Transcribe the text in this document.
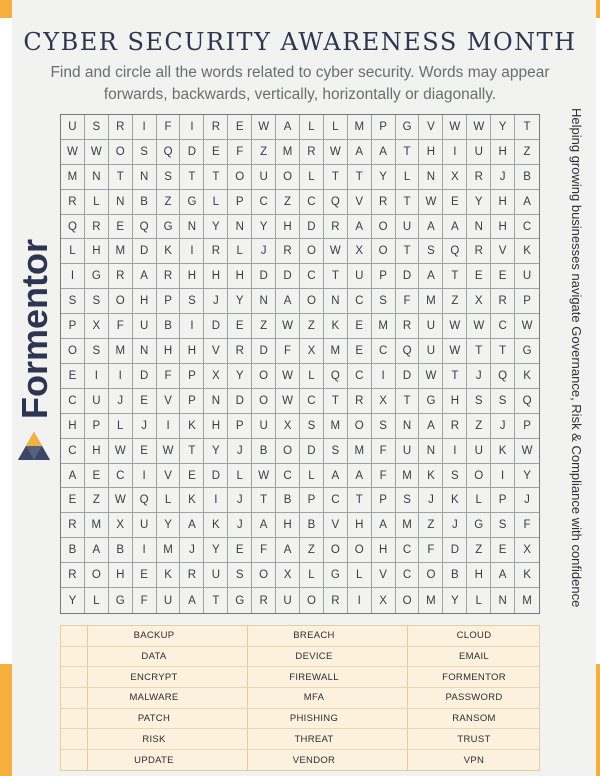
CYBER SECURITY AWARENESS MONTH
Find and circle all the words related to cyber security. Words may appear forwards, backwards, vertically, horizontally or diagonally.
Formentor	Helping growing businesses navigate Governance, Risk & Compliance with confidence
U	S	R	I	F	I	R	E	W	A	L	L	M	P	G	V	W	W	Y	T
W	W	O	S	Q	D	E	F	Z	M	R	W	A	A	T	H	I	U	H	Z
M	N	T	N	S	T	T	O	U	O	L	T	T	Y	L	N	X	R	J	B
R	L	N	B	Z	G	L	P	C	Z	C	Q	V	R	T	W	E	Y	H	A
Q	R	E	Q	G	N	Y	N	Y	H	D	R	A	O	U	A	A	N	H	C
L	H	M	D	K	I	R	L	J	R	O	W	X	O	T	S	Q	R	V	K
I	G	R	A	R	H	H	H	D	D	C	T	U	P	D	A	T	E	E	U
S	S	O	H	P	S	J	Y	N	A	O	N	C	S	F	M	Z	X	R	P
P	X	F	U	B	I	D	E	Z	W	Z	K	E	M	R	U	W	W	C	W
O	S	M	N	H	H	V	R	D	F	X	M	E	C	Q	U	W	T	T	G
E	I	I	D	F	P	X	Y	O	W	L	Q	C	I	D	W	T	J	Q	K
C	U	J	E	V	P	N	D	O	W	C	T	R	X	T	G	H	S	S	Q
H	P	L	J	I	K	H	P	U	X	S	M	O	S	N	A	R	Z	J	P
C	H	W	E	W	T	Y	J	B	O	D	S	M	F	U	N	I	U	K	W
A	E	C	I	V	E	D	L	W	C	L	A	A	F	M	K	S	O	I	Y
E	Z	W	Q	L	K	I	J	T	B	P	C	T	P	S	J	K	L	P	J
R	M	X	U	Y	A	K	J	A	H	B	V	H	A	M	Z	J	G	S	F
B	A	B	I	M	J	Y	E	F	A	Z	O	O	H	C	F	D	Z	E	X
R	O	H	E	K	R	U	S	O	X	L	G	L	V	C	O	B	H	A	K
Y	L	G	F	U	A	T	G	R	U	O	R	I	X	O	M	Y	L	N	M
BACKUP	BREACH	CLOUD
DATA	DEVICE	EMAIL
ENCRYPT	FIREWALL	FORMENTOR
MALWARE	MFA	PASSWORD
PATCH	PHISHING	RANSOM
RISK	THREAT	TRUST
UPDATE	VENDOR	VPN
